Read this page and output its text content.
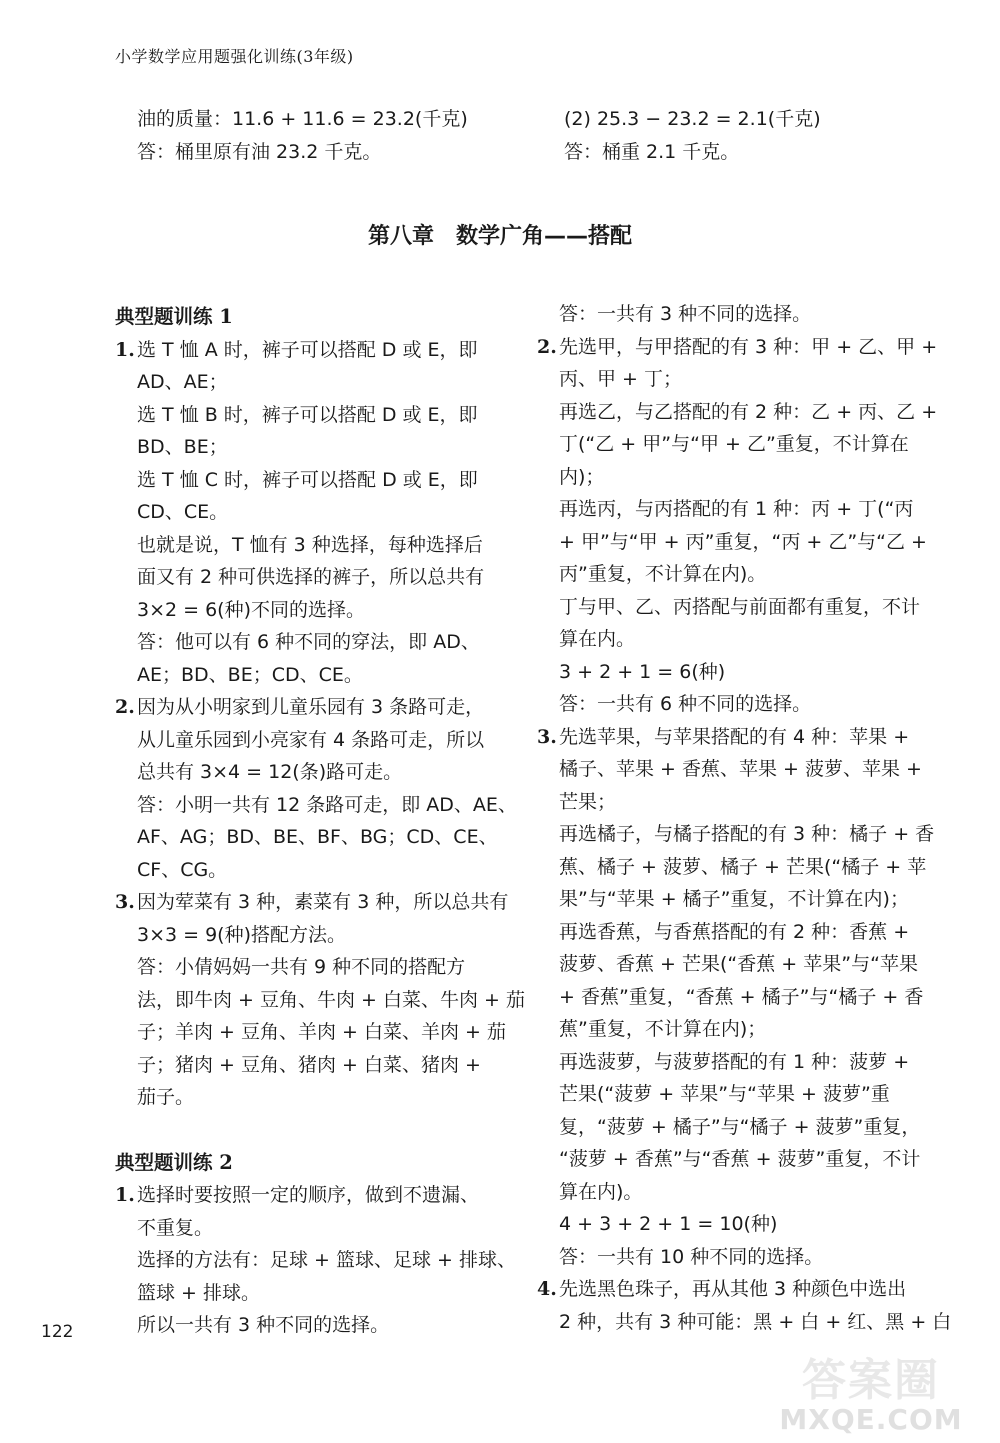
小学数学应用题强化训练(3年级)
油的质量：11.6 + 11.6 = 23.2(千克)
答：桶里原有油 23.2 千克。
(2) 25.3 − 23.2 = 2.1(千克)
答：桶重 2.1 千克。
第八章　数学广角——搭配
典型题训练 1
1. 选 T 恤 A 时，裤子可以搭配 D 或 E，即
AD、AE；
选 T 恤 B 时，裤子可以搭配 D 或 E，即
BD、BE；
选 T 恤 C 时，裤子可以搭配 D 或 E，即
CD、CE。
也就是说，T 恤有 3 种选择，每种选择后
面又有 2 种可供选择的裤子，所以总共有
3×2 = 6(种)不同的选择。
答：他可以有 6 种不同的穿法，即 AD、
AE；BD、BE；CD、CE。
2. 因为从小明家到儿童乐园有 3 条路可走，
从儿童乐园到小亮家有 4 条路可走，所以
总共有 3×4 = 12(条)路可走。
答：小明一共有 12 条路可走，即 AD、AE、
AF、AG；BD、BE、BF、BG；CD、CE、
CF、CG。
3. 因为荤菜有 3 种，素菜有 3 种，所以总共有
3×3 = 9(种)搭配方法。
答：小倩妈妈一共有 9 种不同的搭配方
法，即牛肉 + 豆角、牛肉 + 白菜、牛肉 + 茄
子；羊肉 + 豆角、羊肉 + 白菜、羊肉 + 茄
子；猪肉 + 豆角、猪肉 + 白菜、猪肉 +
茄子。
典型题训练 2
1. 选择时要按照一定的顺序，做到不遗漏、
不重复。
选择的方法有：足球 + 篮球、足球 + 排球、
篮球 + 排球。
所以一共有 3 种不同的选择。
答：一共有 3 种不同的选择。
2. 先选甲，与甲搭配的有 3 种：甲 + 乙、甲 +
丙、甲 + 丁；
再选乙，与乙搭配的有 2 种：乙 + 丙、乙 +
丁(“乙 + 甲”与“甲 + 乙”重复，不计算在
内)；
再选丙，与丙搭配的有 1 种：丙 + 丁(“丙
+ 甲”与“甲 + 丙”重复，“丙 + 乙”与“乙 +
丙”重复，不计算在内)。
丁与甲、乙、丙搭配与前面都有重复，不计
算在内。
3 + 2 + 1 = 6(种)
答：一共有 6 种不同的选择。
3. 先选苹果，与苹果搭配的有 4 种：苹果 +
橘子、苹果 + 香蕉、苹果 + 菠萝、苹果 +
芒果；
再选橘子，与橘子搭配的有 3 种：橘子 + 香
蕉、橘子 + 菠萝、橘子 + 芒果(“橘子 + 苹
果”与“苹果 + 橘子”重复，不计算在内)；
再选香蕉，与香蕉搭配的有 2 种：香蕉 +
菠萝、香蕉 + 芒果(“香蕉 + 苹果”与“苹果
+ 香蕉”重复，“香蕉 + 橘子”与“橘子 + 香
蕉”重复，不计算在内)；
再选菠萝，与菠萝搭配的有 1 种：菠萝 +
芒果(“菠萝 + 苹果”与“苹果 + 菠萝”重
复，“菠萝 + 橘子”与“橘子 + 菠萝”重复，
“菠萝 + 香蕉”与“香蕉 + 菠萝”重复，不计
算在内)。
4 + 3 + 2 + 1 = 10(种)
答：一共有 10 种不同的选择。
4. 先选黑色珠子，再从其他 3 种颜色中选出
2 种，共有 3 种可能：黑 + 白 + 红、黑 + 白
122
答案圈
MXQE.COM
